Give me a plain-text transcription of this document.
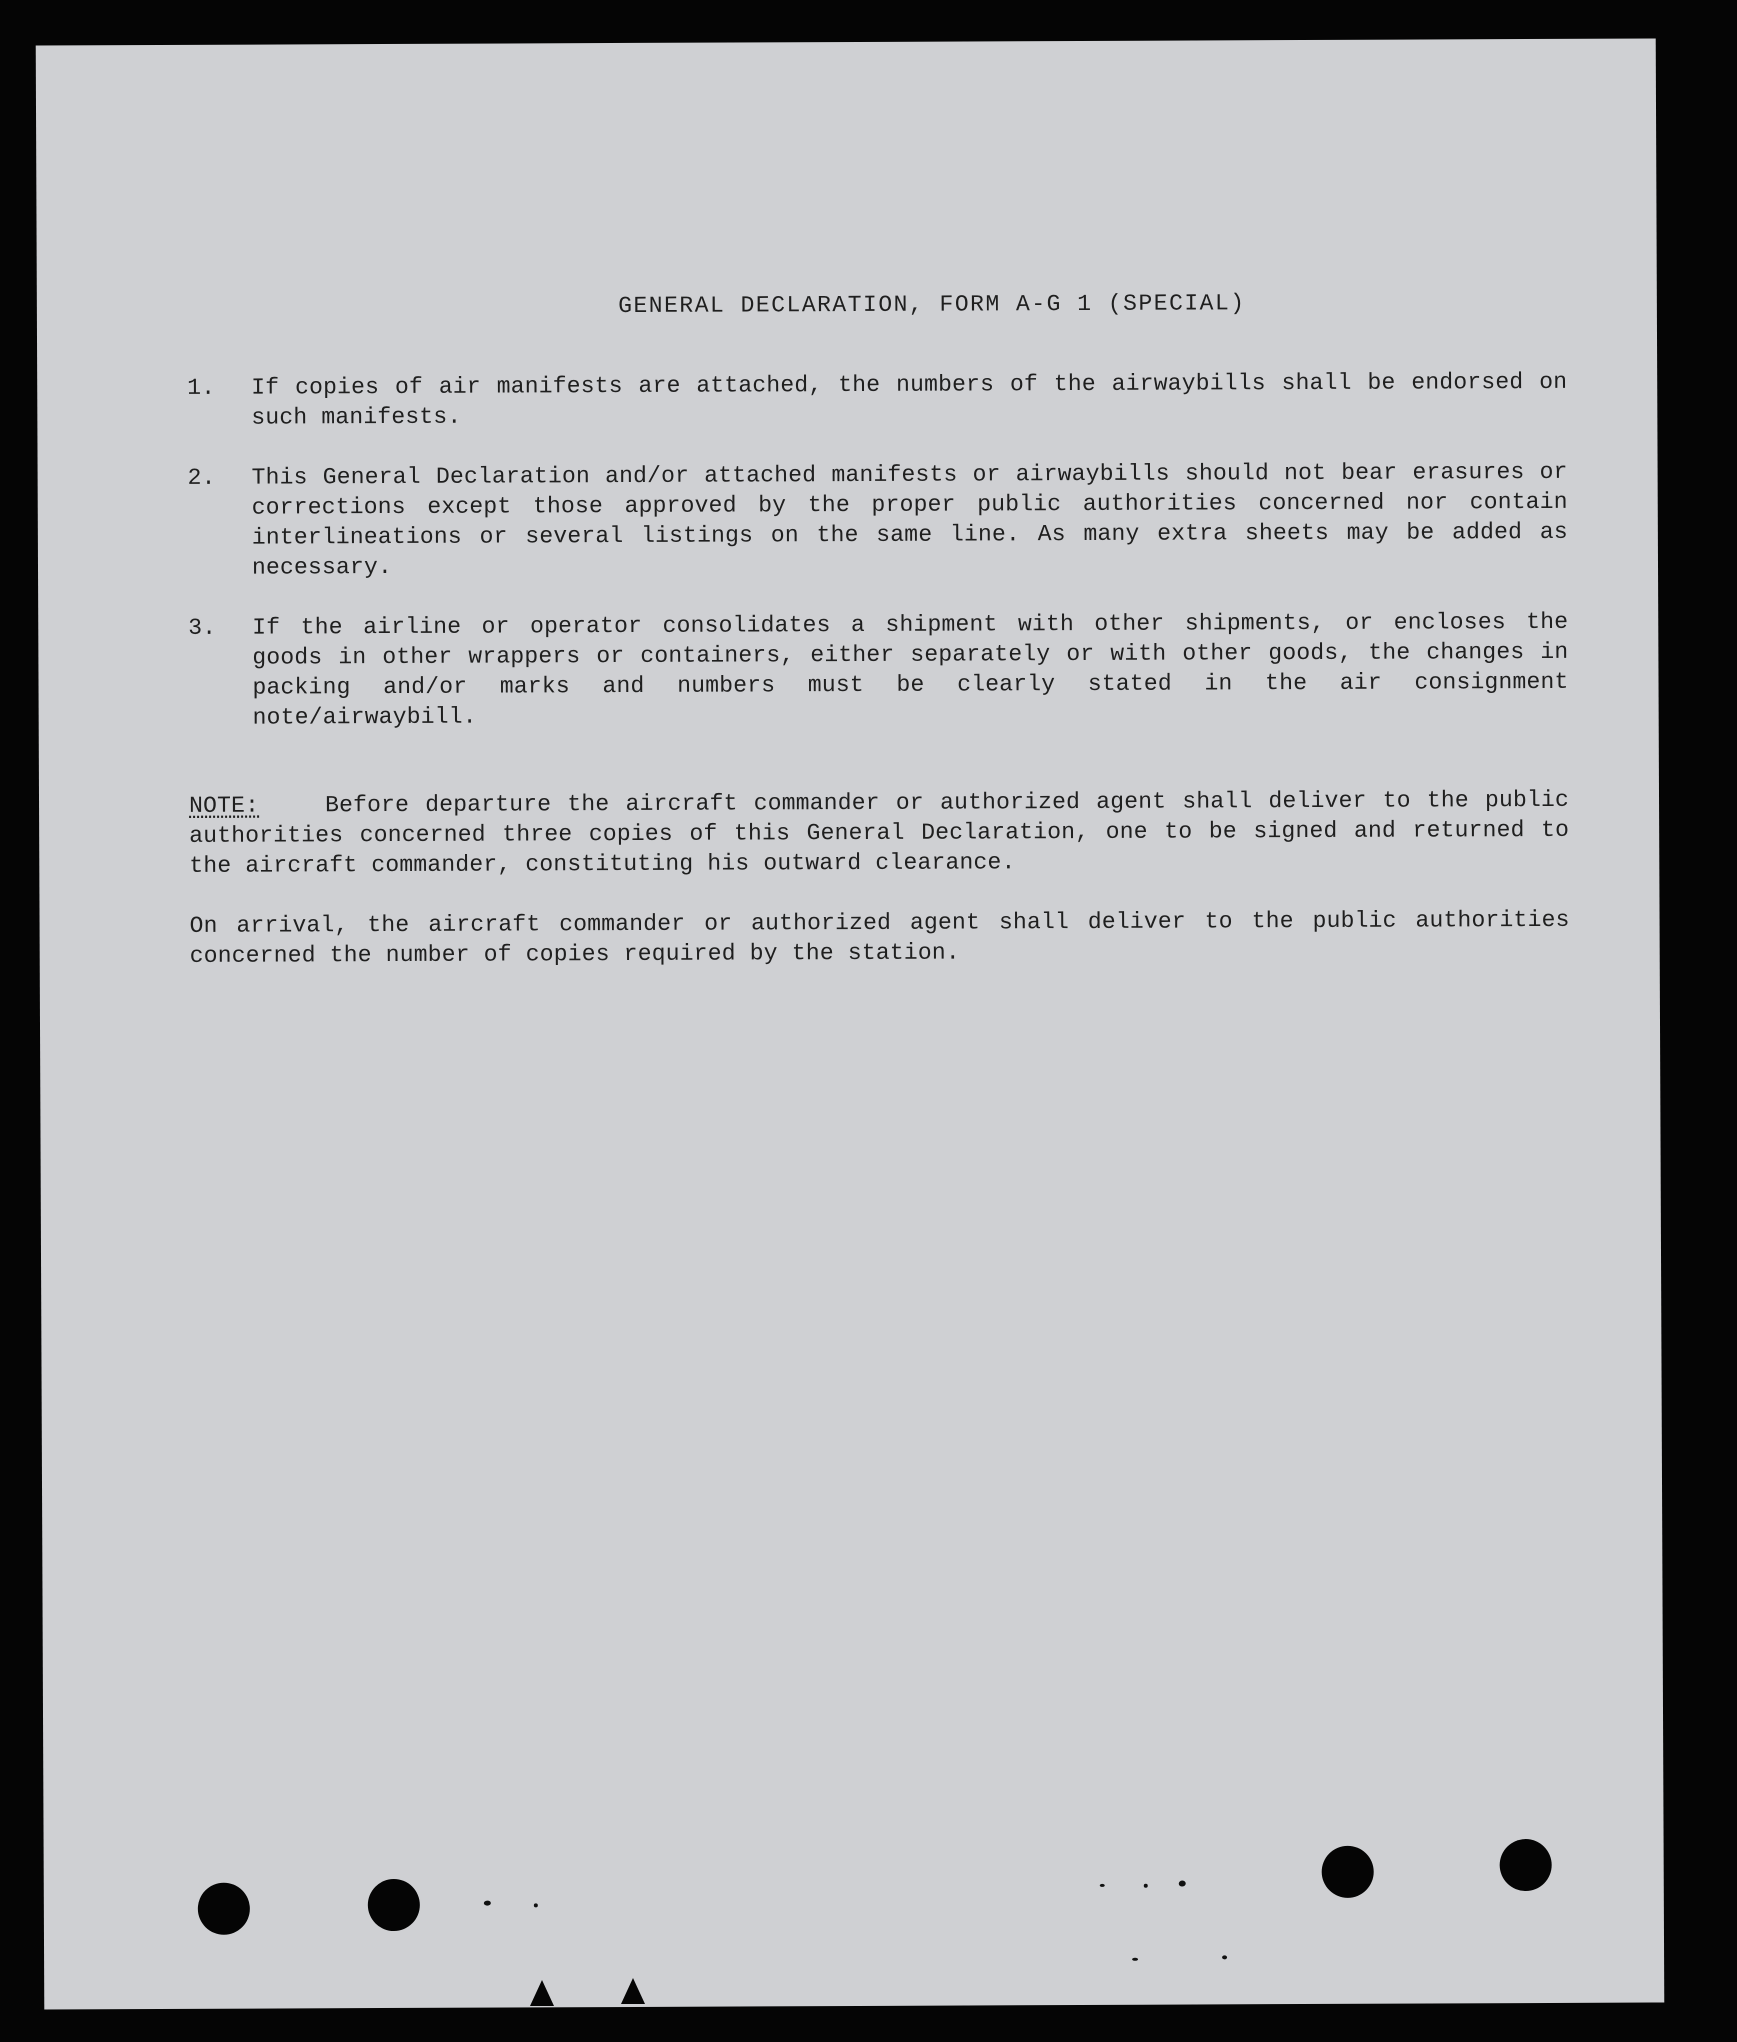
GENERAL DECLARATION, FORM A-G 1 (SPECIAL)
1.	If copies of air manifests are attached, the numbers of the airwaybills shall be endorsed on such manifests.
2.	This General Declaration and/or attached manifests or airwaybills should not bear erasures or corrections except those approved by the proper public authorities concerned nor contain interlineations or several listings on the same line. As many extra sheets may be added as necessary.
3.	If the airline or operator consolidates a shipment with other shipments, or encloses the goods in other wrappers or containers, either separately or with other goods, the changes in packing and/or marks and numbers must be clearly stated in the air consignment note/airwaybill.
NOTE:	Before departure the aircraft commander or authorized agent shall deliver to the public authorities concerned three copies of this General Declaration, one to be signed and returned to the aircraft commander, constituting his outward clearance.
On arrival, the aircraft commander or authorized agent shall deliver to the public authorities concerned the number of copies required by the station.
